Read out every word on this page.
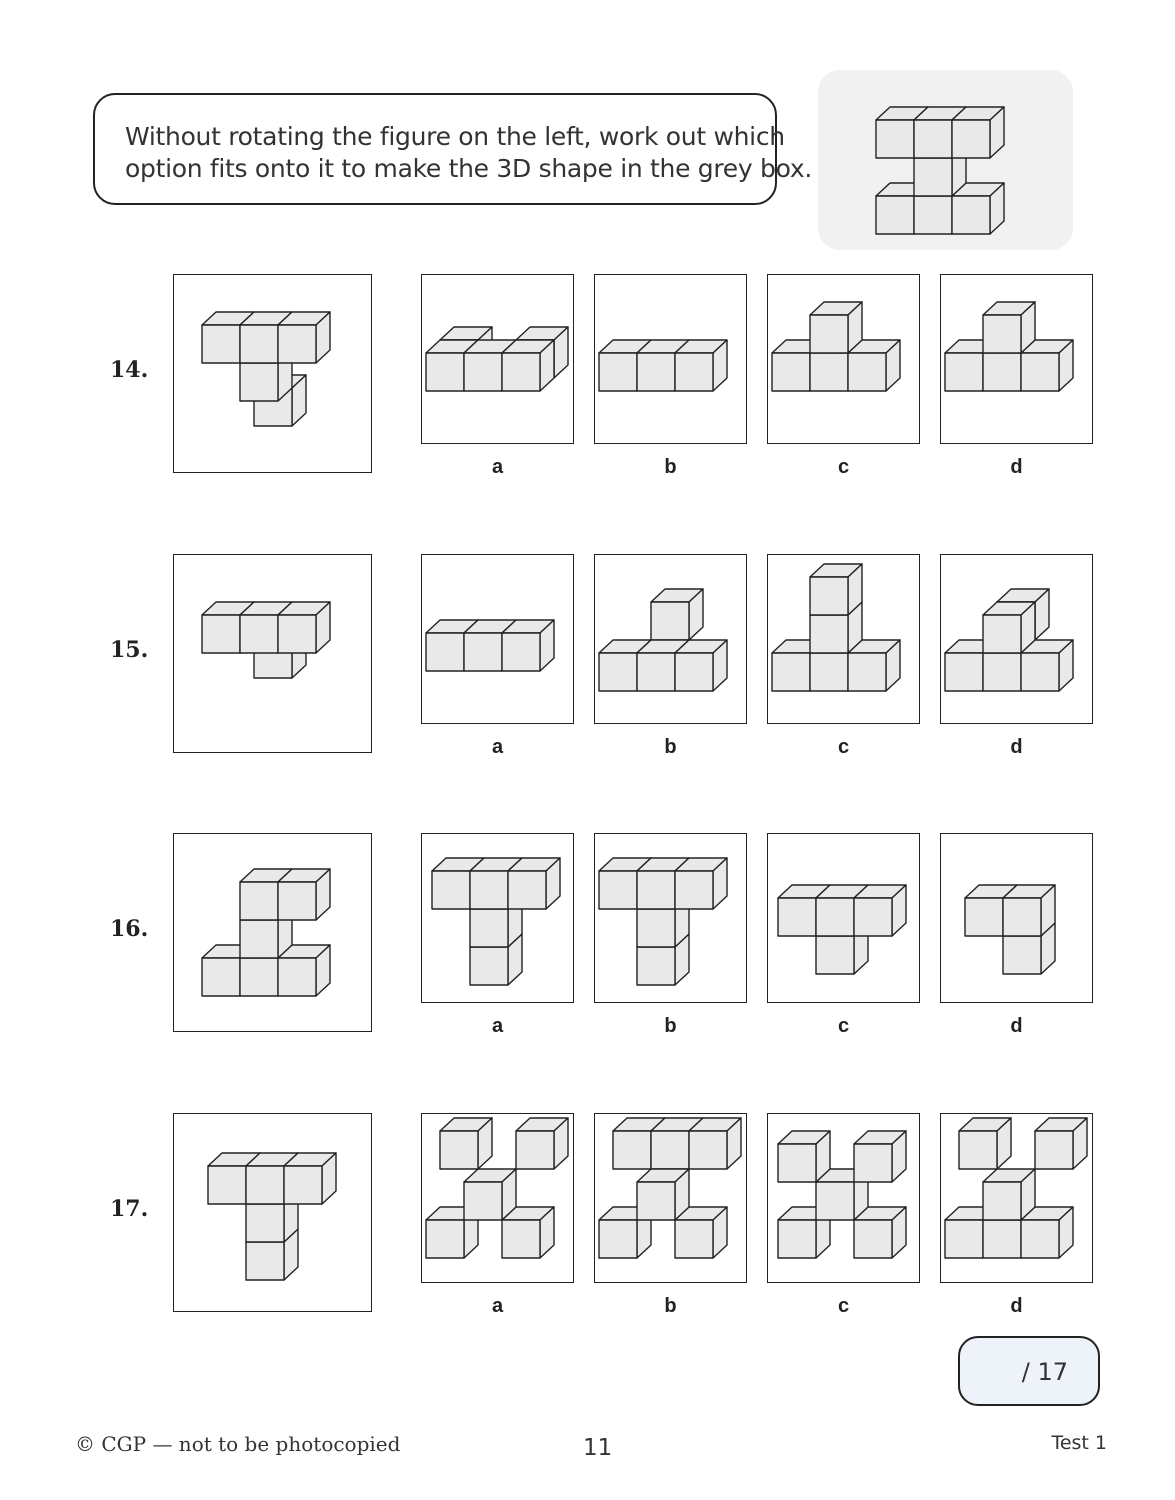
Without rotating the figure on the left, work out which
option fits onto it to make the 3D shape in the grey box.
14.
a	b	c	d
15.
a	b	c	d
16.
a	b	c	d
17.
a	b	c	d
/ 17
© CGP — not to be photocopied	11	Test 1
